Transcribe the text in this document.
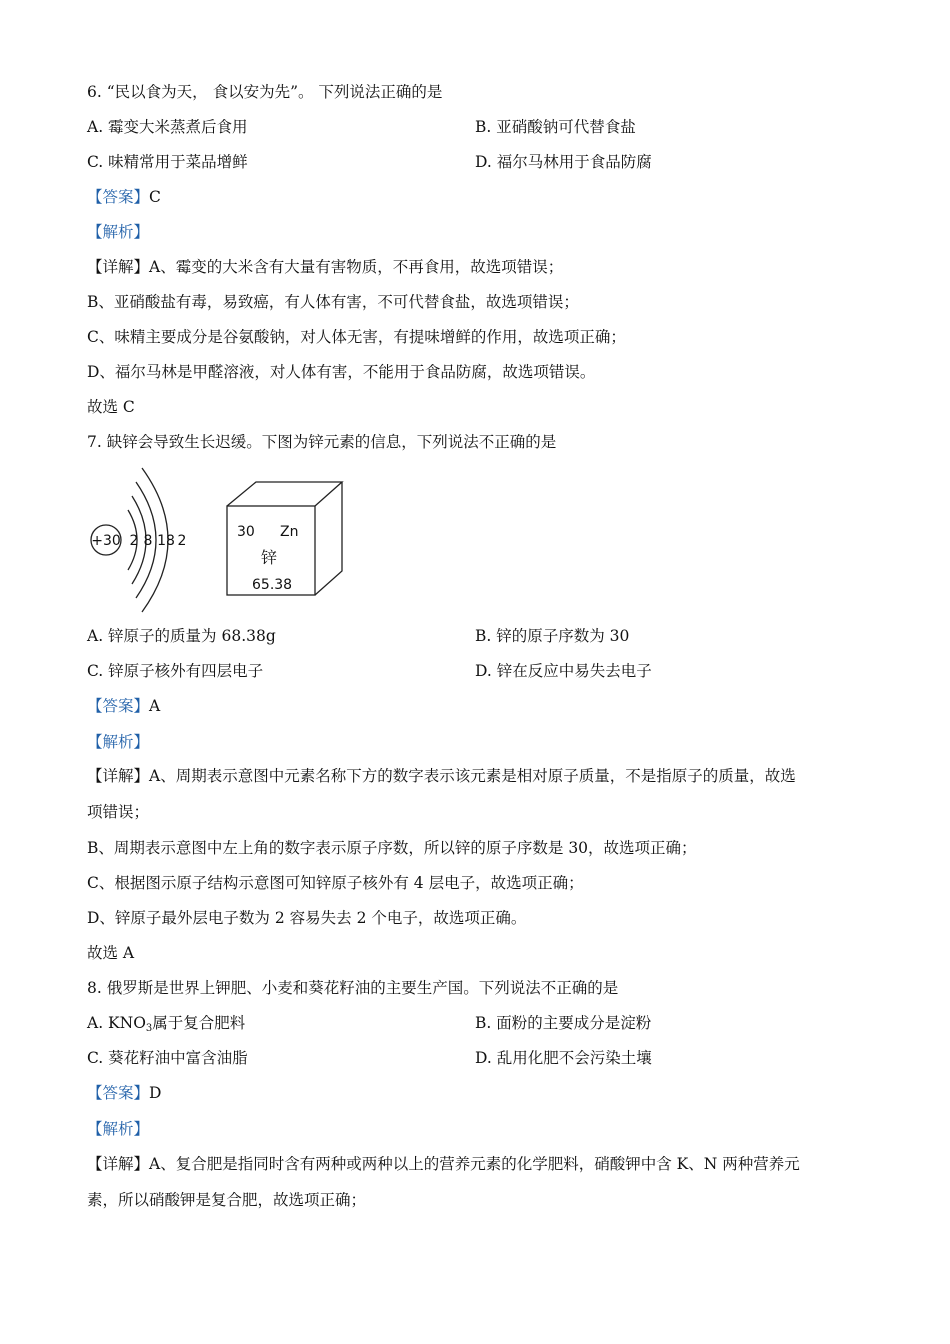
6. “民以食为天， 食以安为先”。 下列说法正确的是
A. 霉变大米蒸煮后食用	B. 亚硝酸钠可代替食盐
C. 味精常用于菜品增鲜	D. 福尔马林用于食品防腐
【答案】C
【解析】
【详解】A、霉变的大米含有大量有害物质，不再食用，故选项错误；
B、亚硝酸盐有毒，易致癌，有人体有害，不可代替食盐，故选项错误；
C、味精主要成分是谷氨酸钠，对人体无害，有提味增鲜的作用，故选项正确；
D、福尔马林是甲醛溶液，对人体有害，不能用于食品防腐，故选项错误。
故选 C
7. 缺锌会导致生长迟缓。下图为锌元素的信息，下列说法不正确的是
+30 2 8 18 2
30 Zn
锌
65.38
A. 锌原子的质量为 68.38g	B. 锌的原子序数为 30
C. 锌原子核外有四层电子	D. 锌在反应中易失去电子
【答案】A
【解析】
【详解】A、周期表示意图中元素名称下方的数字表示该元素是相对原子质量，不是指原子的质量，故选
项错误；
B、周期表示意图中左上角的数字表示原子序数，所以锌的原子序数是 30，故选项正确；
C、根据图示原子结构示意图可知锌原子核外有 4 层电子，故选项正确；
D、锌原子最外层电子数为 2 容易失去 2 个电子，故选项正确。
故选 A
8. 俄罗斯是世界上钾肥、小麦和葵花籽油的主要生产国。下列说法不正确的是
A. $KNO_3$属于复合肥料	B. 面粉的主要成分是淀粉
C. 葵花籽油中富含油脂	D. 乱用化肥不会污染土壤
【答案】D
【解析】
【详解】A、复合肥是指同时含有两种或两种以上的营养元素的化学肥料，硝酸钾中含 K、N 两种营养元
素，所以硝酸钾是复合肥，故选项正确；
